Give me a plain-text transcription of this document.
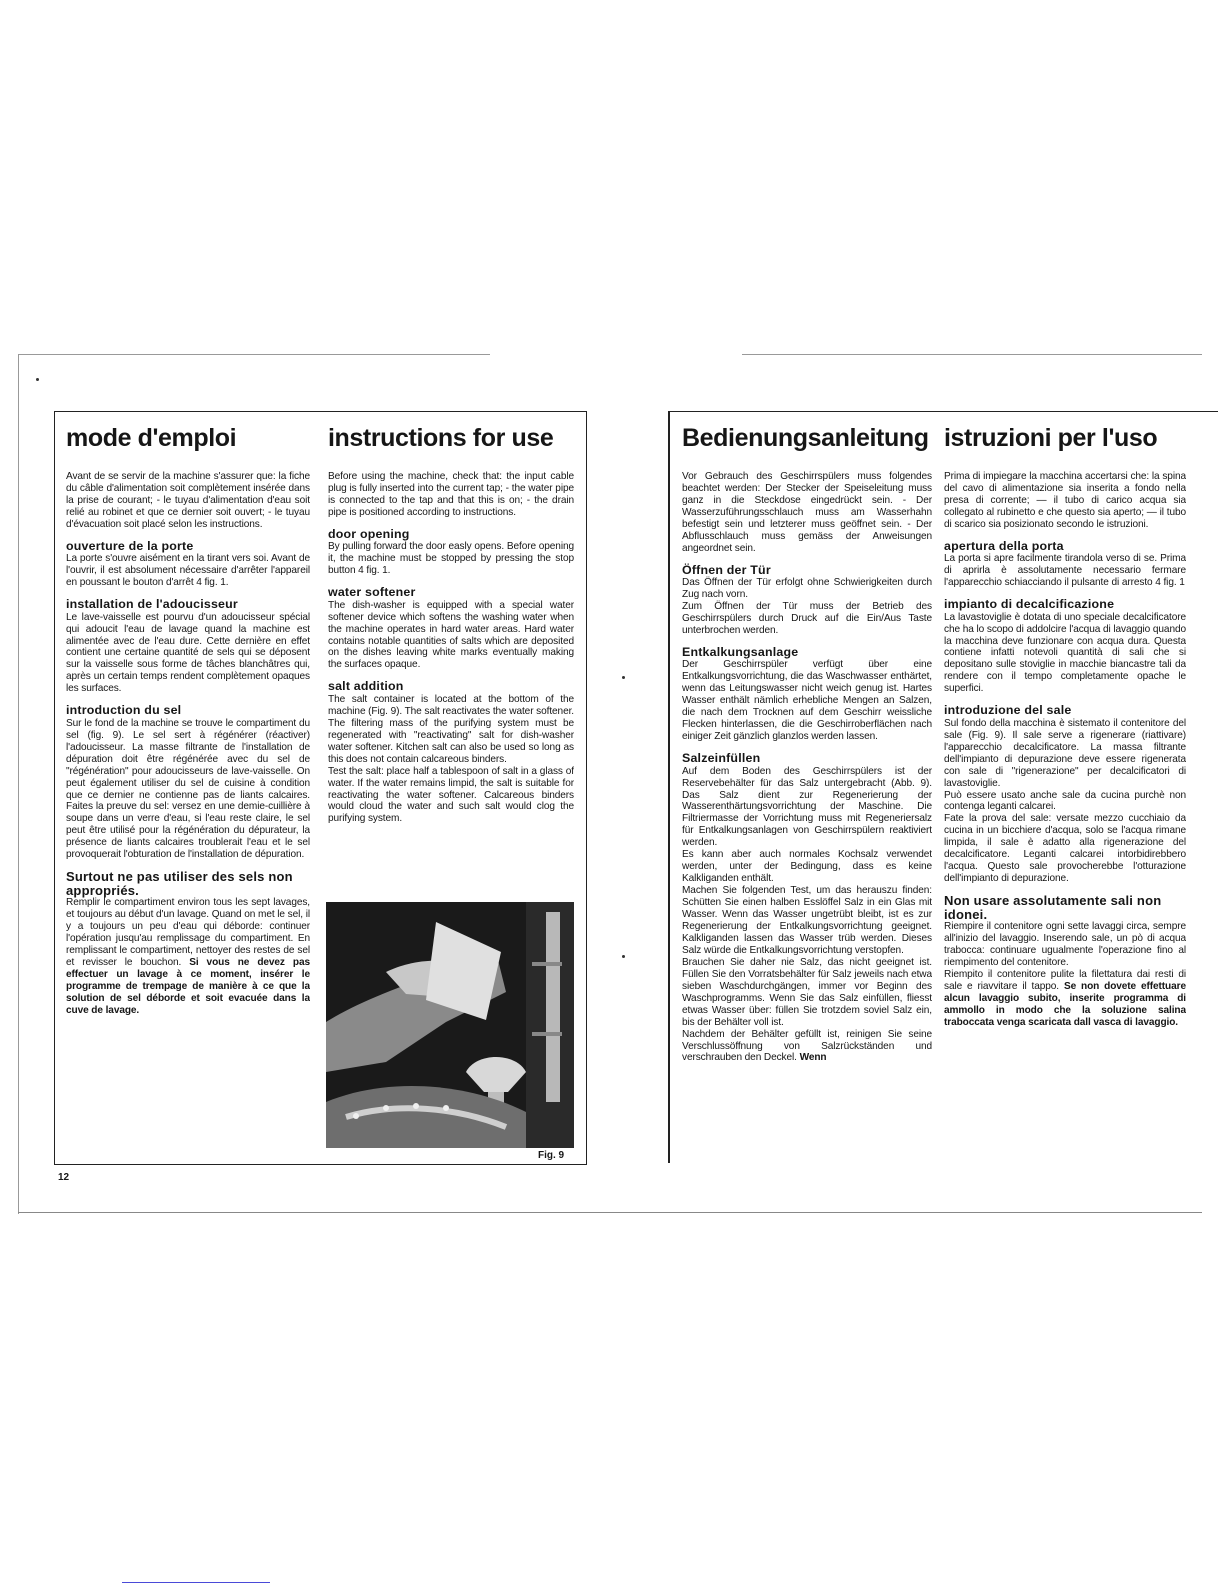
mode d'emploi

Avant de se servir de la machine s'assurer que: la fiche du câble d'alimentation soit complètement insérée dans la prise de courant; - le tuyau d'alimentation d'eau soit relié au robinet et que ce dernier soit ouvert; - le tuyau d'évacuation soit placé selon les instructions.

ouverture de la porte

La porte s'ouvre aisément en la tirant vers soi. Avant de l'ouvrir, il est absolument nécessaire d'arrêter l'appareil en poussant le bouton d'arrêt 4 fig. 1.

installation de l'adoucisseur

Le lave-vaisselle est pourvu d'un adoucisseur spécial qui adoucit l'eau de lavage quand la machine est alimentée avec de l'eau dure. Cette dernière en effet contient une certaine quantité de sels qui se déposent sur la vaisselle sous forme de tâches blanchâtres qui, après un certain temps rendent complètement opaques les surfaces.

introduction du sel

Sur le fond de la machine se trouve le compartiment du sel (fig. 9). Le sel sert à régénérer (réactiver) l'adoucisseur. La masse filtrante de l'installation de dépuration doit être régénérée avec du sel de "régénération" pour adoucisseurs de lave-vaisselle. On peut également utiliser du sel de cuisine à condition que ce dernier ne contienne pas de liants calcaires. Faites la preuve du sel: versez en une demie-cuillière à soupe dans un verre d'eau, si l'eau reste claire, le sel peut être utilisé pour la régénération du dépurateur, la présence de liants calcaires troublerait l'eau et le sel provoquerait l'obturation de l'installation de dépuration.

Surtout ne pas utiliser des sels non appropriés.

Remplir le compartiment environ tous les sept lavages, et toujours au début d'un lavage. Quand on met le sel, il y a toujours un peu d'eau qui déborde: continuer l'opération jusqu'au remplissage du compartiment. En remplissant le compartiment, nettoyer des restes de sel et revisser le bouchon. Si vous ne devez pas effectuer un lavage à ce moment, insérer le programme de trempage de manière à ce que la solution de sel déborde et soit evacuée dans la cuve de lavage.

instructions for use

Before using the machine, check that: the input cable plug is fully inserted into the current tap; - the water pipe is connected to the tap and that this is on; - the drain pipe is positioned according to instructions.

door opening

By pulling forward the door easly opens. Before opening it, the machine must be stopped by pressing the stop button 4 fig. 1.

water softener

The dish-washer is equipped with a special water softener device which softens the washing water when the machine operates in hard water areas. Hard water contains notable quantities of salts which are deposited on the dishes leaving white marks eventually making the surfaces opaque.

salt addition

The salt container is located at the bottom of the machine (Fig. 9). The salt reactivates the water softener. The filtering mass of the purifying system must be regenerated with "reactivating" salt for dish-washer water softener. Kitchen salt can also be used so long as this does not contain calcareous binders.

Test the salt: place half a tablespoon of salt in a glass of water. If the water remains limpid, the salt is suitable for reactivating the water softener. Calcareous binders would cloud the water and such salt would clog the purifying system.

Fig. 9
12
Bedienungsanleitung

Vor Gebrauch des Geschirrspülers muss folgendes beachtet werden: Der Stecker der Speiseleitung muss ganz in die Steckdose eingedrückt sein. - Der Wasserzuführungsschlauch muss am Wasserhahn befestigt sein und letzterer muss geöffnet sein. - Der Abflusschlauch muss gemäss der Anweisungen angeordnet sein.

Öffnen der Tür

Das Öffnen der Tür erfolgt ohne Schwierigkeiten durch Zug nach vorn.

Zum Öffnen der Tür muss der Betrieb des Geschirrspülers durch Druck auf die Ein/Aus Taste unterbrochen werden.

Entkalkungsanlage

Der Geschirrspüler verfügt über eine Entkalkungsvorrichtung, die das Waschwasser enthärtet, wenn das Leitungswasser nicht weich genug ist. Hartes Wasser enthält nämlich erhebliche Mengen an Salzen, die nach dem Trocknen auf dem Geschirr weissliche Flecken hinterlassen, die die Geschirroberflächen nach einiger Zeit gänzlich glanzlos werden lassen.

Salzeinfüllen

Auf dem Boden des Geschirrspülers ist der Reservebehälter für das Salz untergebracht (Abb. 9). Das Salz dient zur Regenerierung der Wasserenthärtungsvorrichtung der Maschine. Die Filtriermasse der Vorrichtung muss mit Regeneriersalz für Entkalkungsanlagen von Geschirrspülern reaktiviert werden.

Es kann aber auch normales Kochsalz verwendet werden, unter der Bedingung, dass es keine Kalkliganden enthält.

Machen Sie folgenden Test, um das herauszu finden: Schütten Sie einen halben Esslöffel Salz in ein Glas mit Wasser. Wenn das Wasser ungetrübt bleibt, ist es zur Regenerierung der Entkalkungsvorrichtung geeignet. Kalkliganden lassen das Wasser trüb werden. Dieses Salz würde die Entkalkungsvorrichtung verstopfen.

Brauchen Sie daher nie Salz, das nicht geeignet ist. Füllen Sie den Vorratsbehälter für Salz jeweils nach etwa sieben Waschdurchgängen, immer vor Beginn des Waschprogramms. Wenn Sie das Salz einfüllen, fliesst etwas Wasser über: füllen Sie trotzdem soviel Salz ein, bis der Behälter voll ist.

Nachdem der Behälter gefüllt ist, reinigen Sie seine Verschlussöffnung von Salzrückständen und verschrauben den Deckel. Wenn

istruzioni per l'uso

Prima di impiegare la macchina accertarsi che: la spina del cavo di alimentazione sia inserita a fondo nella presa di corrente; — il tubo di carico acqua sia collegato al rubinetto e che questo sia aperto; — il tubo di scarico sia posizionato secondo le istruzioni.

apertura della porta

La porta si apre facilmente tirandola verso di se. Prima di aprirla è assolutamente necessario fermare l'apparecchio schiacciando il pulsante di arresto 4 fig. 1

impianto di decalcificazione

La lavastoviglie è dotata di uno speciale decalcificatore che ha lo scopo di addolcire l'acqua di lavaggio quando la macchina deve funzionare con acqua dura. Questa contiene infatti notevoli quantità di sali che si depositano sulle stoviglie in macchie biancastre tali da rendere con il tempo completamente opache le superfici.

introduzione del sale

Sul fondo della macchina è sistemato il contenitore del sale (Fig. 9). Il sale serve a rigenerare (riattivare) l'apparecchio decalcificatore. La massa filtrante dell'impianto di depurazione deve essere rigenerata con sale di "rigenerazione" per decalcificatori di lavastoviglie.

Può essere usato anche sale da cucina purchè non contenga leganti calcarei.

Fate la prova del sale: versate mezzo cucchiaio da cucina in un bicchiere d'acqua, solo se l'acqua rimane limpida, il sale è adatto alla rigenerazione del decalcificatore. Leganti calcarei intorbidirebbero l'acqua. Questo sale provocherebbe l'otturazione dell'impianto di depurazione.

Non usare assolutamente sali non idonei.

Riempire il contenitore ogni sette lavaggi circa, sempre all'inizio del lavaggio. Inserendo sale, un pò di acqua trabocca: continuare ugualmente l'operazione fino al riempimento del contenitore.

Riempito il contenitore pulite la filettatura dai resti di sale e riavvitare il tappo. Se non dovete effettuare alcun lavaggio subito, inserite programma di ammollo in modo che la soluzione salina traboccata venga scaricata dall vasca di lavaggio.
